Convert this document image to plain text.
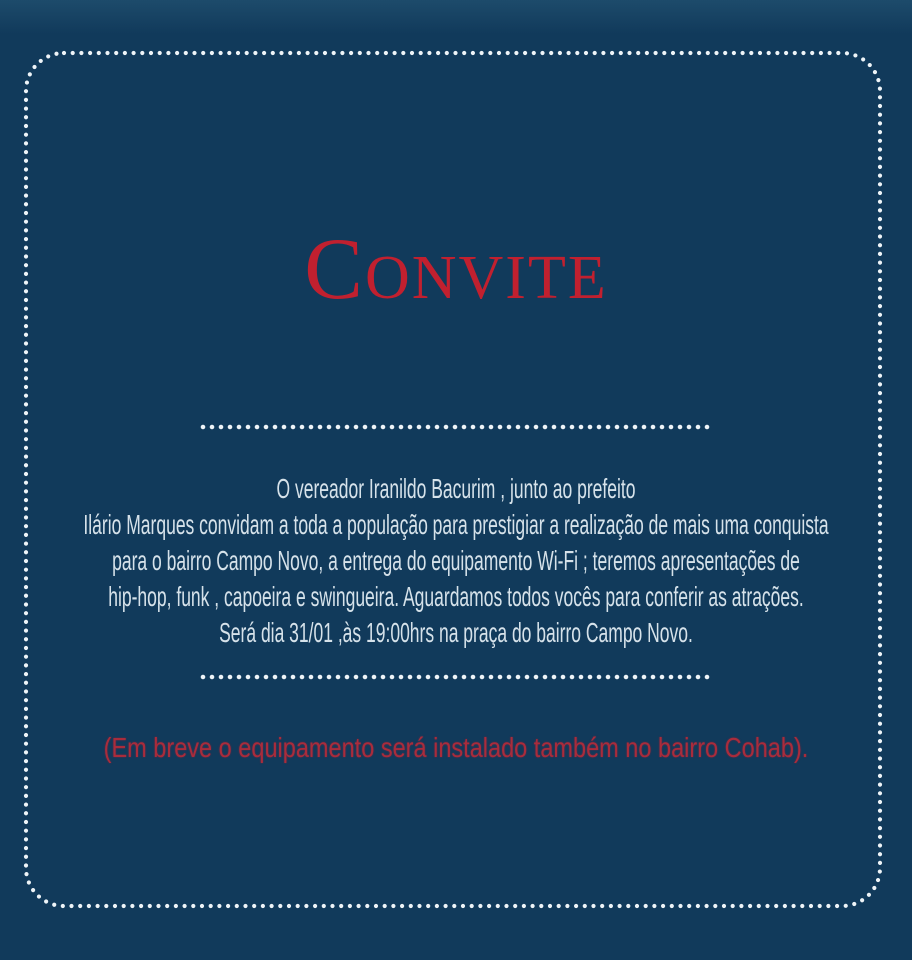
Convite
O vereador Iranildo Bacurim , junto ao prefeito
Ilário Marques convidam a toda a população para prestigiar a realização de mais uma conquista
para o bairro Campo Novo, a entrega do equipamento Wi-Fi ; teremos apresentações de
hip-hop, funk , capoeira e swingueira. Aguardamos todos vocês para conferir as atrações.
Será dia 31/01 ,às 19:00hrs na praça do bairro Campo Novo.
(Em breve o equipamento será instalado também no bairro Cohab).
